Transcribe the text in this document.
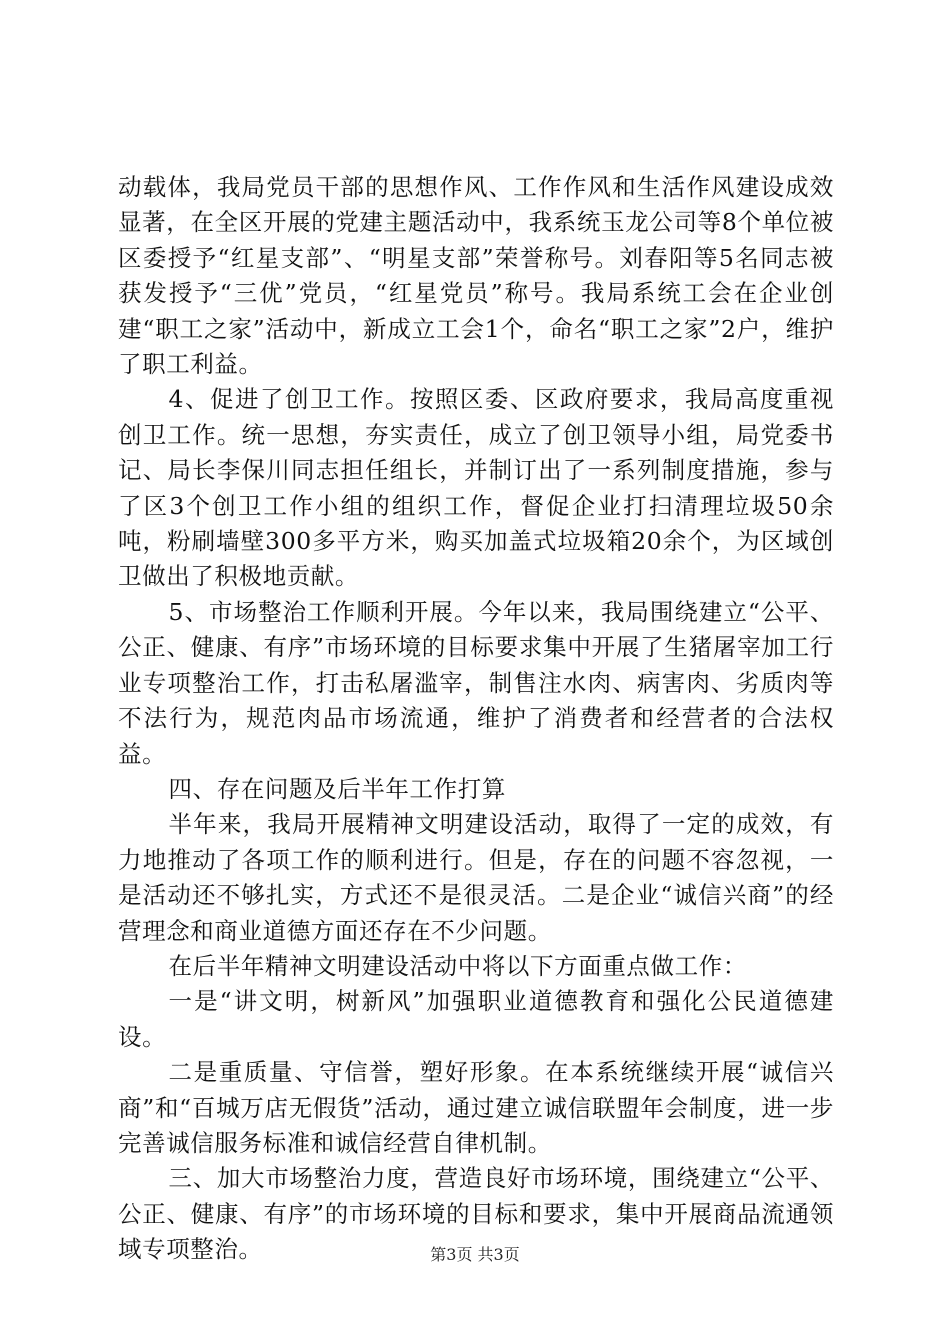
动载体，我局党员干部的思想作风、工作作风和生活作风建设成效显著，在全区开展的党建主题活动中，我系统玉龙公司等8个单位被区委授予“红星支部”、“明星支部”荣誉称号。刘春阳等5名同志被获发授予“三优”党员，“红星党员”称号。我局系统工会在企业创建“职工之家”活动中，新成立工会1个，命名“职工之家”2户，维护了职工利益。

4、促进了创卫工作。按照区委、区政府要求，我局高度重视创卫工作。统一思想，夯实责任，成立了创卫领导小组，局党委书记、局长李保川同志担任组长，并制订出了一系列制度措施，参与了区3个创卫工作小组的组织工作，督促企业打扫清理垃圾50余吨，粉刷墙壁300多平方米，购买加盖式垃圾箱20余个，为区域创卫做出了积极地贡献。

5、市场整治工作顺利开展。今年以来，我局围绕建立“公平、公正、健康、有序”市场环境的目标要求集中开展了生猪屠宰加工行业专项整治工作，打击私屠滥宰，制售注水肉、病害肉、劣质肉等不法行为，规范肉品市场流通，维护了消费者和经营者的合法权益。

四、存在问题及后半年工作打算

半年来，我局开展精神文明建设活动，取得了一定的成效，有力地推动了各项工作的顺利进行。但是，存在的问题不容忽视，一是活动还不够扎实，方式还不是很灵活。二是企业“诚信兴商”的经营理念和商业道德方面还存在不少问题。

在后半年精神文明建设活动中将以下方面重点做工作：

一是“讲文明，树新风”加强职业道德教育和强化公民道德建设。

二是重质量、守信誉，塑好形象。在本系统继续开展“诚信兴商”和“百城万店无假货”活动，通过建立诚信联盟年会制度，进一步完善诚信服务标准和诚信经营自律机制。

三、加大市场整治力度，营造良好市场环境，围绕建立“公平、公正、健康、有序”的市场环境的目标和要求，集中开展商品流通领域专项整治。	第3页 共3页
